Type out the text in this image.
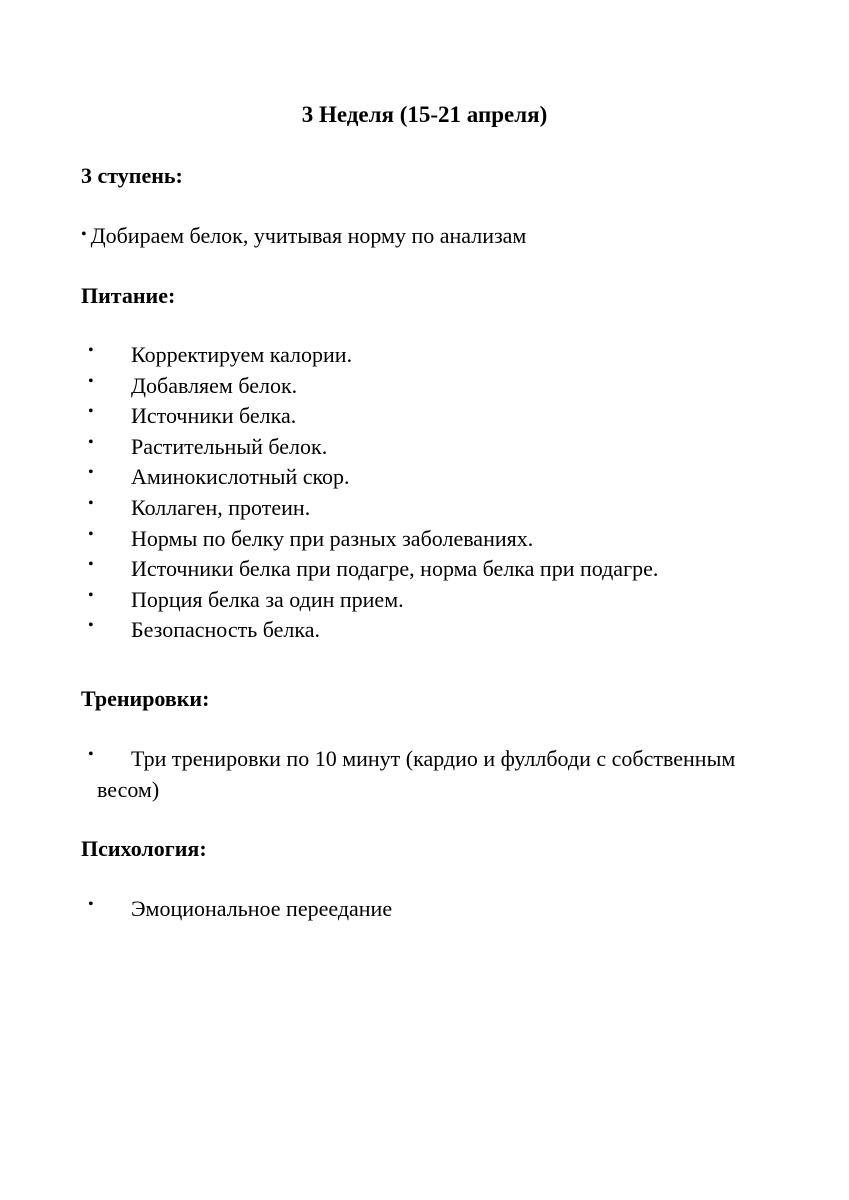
3 Неделя (15-21 апреля)
3 ступень:
• Добираем белок, учитывая норму по анализам
Питание:
• Корректируем калории.
• Добавляем белок.
• Источники белка.
• Растительный белок.
• Аминокислотный скор.
• Коллаген, протеин.
• Нормы по белку при разных заболеваниях.
• Источники белка при подагре, норма белка при подагре.
• Порция белка за один прием.
• Безопасность белка.
Тренировки:
•	Три тренировки по 10 минут (кардио и фуллбоди с собственным весом)
Психология:
• Эмоциональное переедание
